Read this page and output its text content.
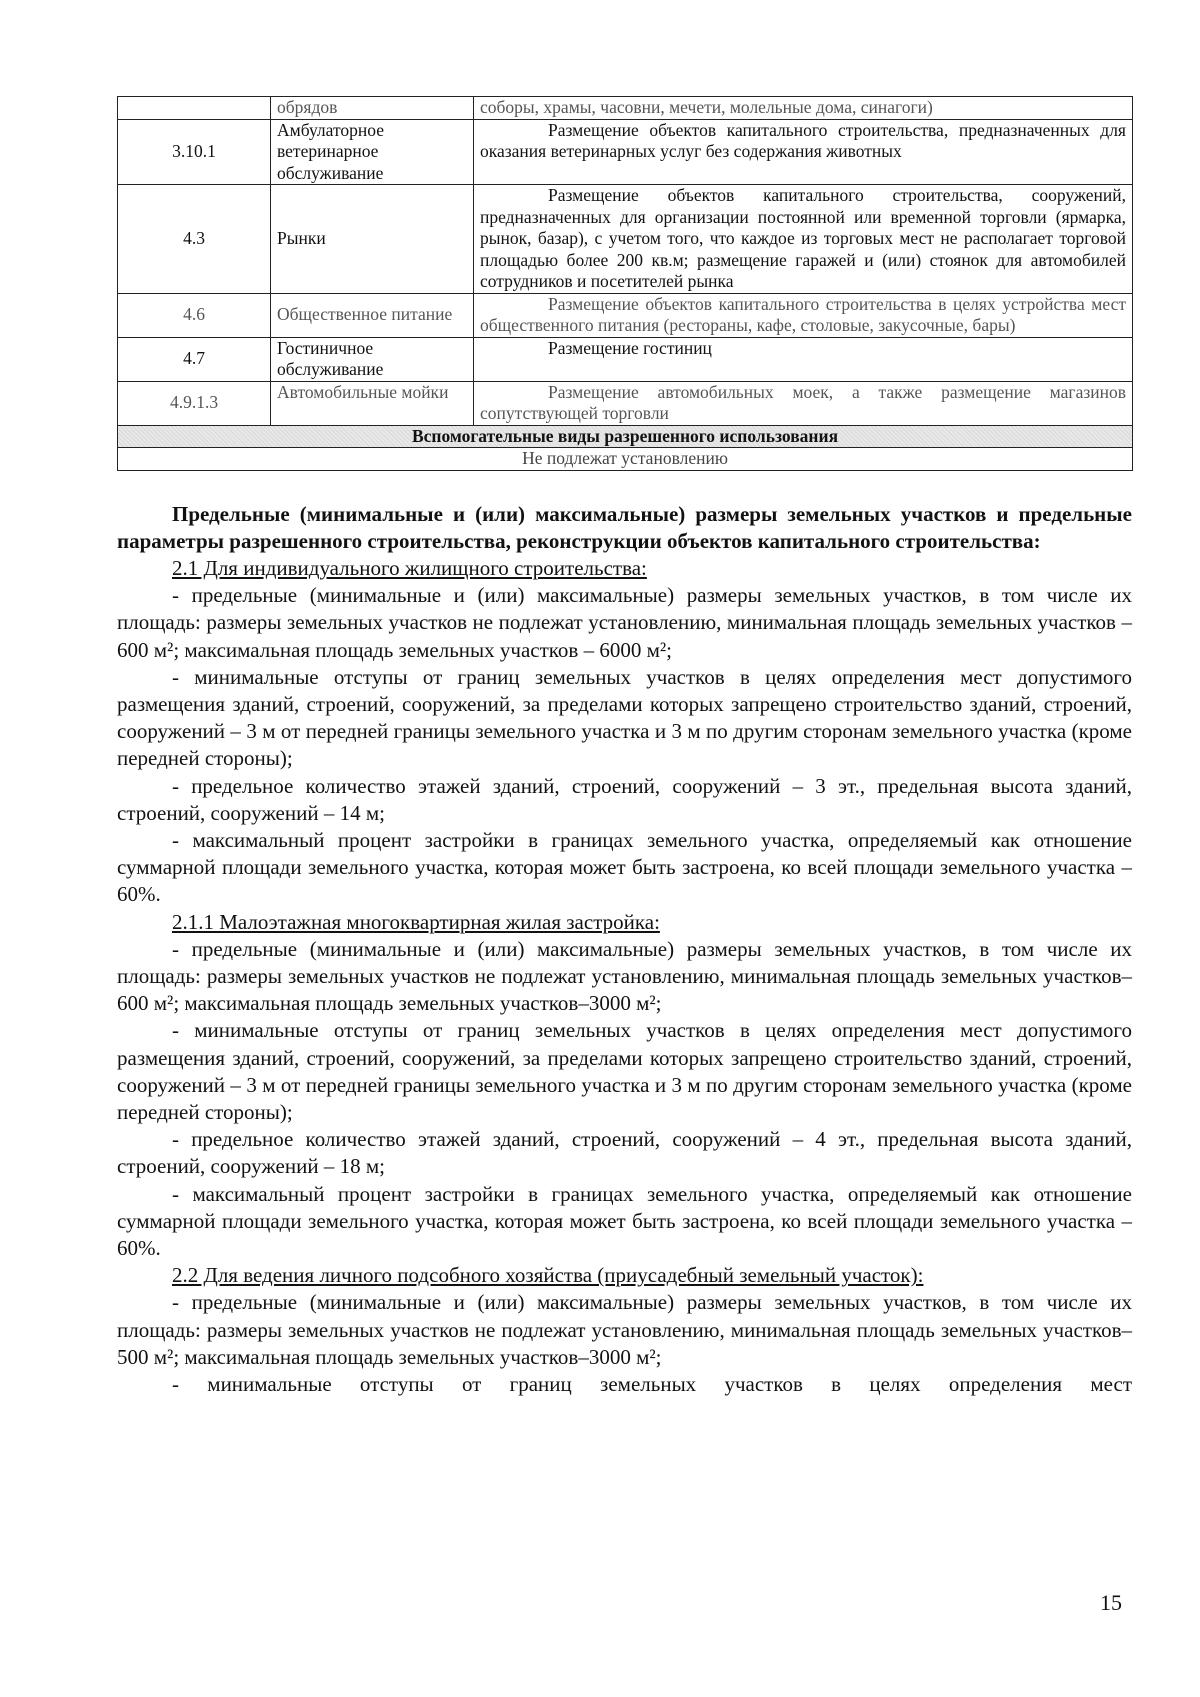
	обрядов	соборы, храмы, часовни, мечети, молельные дома, синагоги)
3.10.1	Амбулаторное ветеринарное обслуживание	Размещение объектов капитального строительства, предназначенных для оказания ветеринарных услуг без содержания животных
4.3	Рынки	Размещение объектов капитального строительства, сооружений, предназначенных для организации постоянной или временной торговли (ярмарка, рынок, базар), с учетом того, что каждое из торговых мест не располагает торговой площадью более 200 кв.м; размещение гаражей и (или) стоянок для автомобилей сотрудников и посетителей рынка
4.6	Общественное питание	Размещение объектов капитального строительства в целях устройства мест общественного питания (рестораны, кафе, столовые, закусочные, бары)
4.7	Гостиничное обслуживание	Размещение гостиниц
4.9.1.3	Автомобильные мойки	Размещение автомобильных моек, а также размещение магазинов сопутствующей торговли
Вспомогательные виды разрешенного использования		
Не подлежат установлению		

Предельные (минимальные и (или) максимальные) размеры земельных участков и предельные параметры разрешенного строительства, реконструкции объектов капитального строительства:

2.1 Для индивидуального жилищного строительства:

- предельные (минимальные и (или) максимальные) размеры земельных участков, в том числе их площадь: размеры земельных участков не подлежат установлению, минимальная площадь земельных участков – 600 м²; максимальная площадь земельных участков – 6000 м²;

- минимальные отступы от границ земельных участков в целях определения мест допустимого размещения зданий, строений, сооружений, за пределами которых запрещено строительство зданий, строений, сооружений – 3 м от передней границы земельного участка и 3 м по другим сторонам земельного участка (кроме передней стороны);

- предельное количество этажей зданий, строений, сооружений – 3 эт., предельная высота зданий, строений, сооружений – 14 м;

- максимальный процент застройки в границах земельного участка, определяемый как отношение суммарной площади земельного участка, которая может быть застроена, ко всей площади земельного участка – 60%.

2.1.1 Малоэтажная многоквартирная жилая застройка:

- предельные (минимальные и (или) максимальные) размеры земельных участков, в том числе их площадь: размеры земельных участков не подлежат установлению, минимальная площадь земельных участков–600 м²; максимальная площадь земельных участков–3000 м²;

- минимальные отступы от границ земельных участков в целях определения мест допустимого размещения зданий, строений, сооружений, за пределами которых запрещено строительство зданий, строений, сооружений – 3 м от передней границы земельного участка и 3 м по другим сторонам земельного участка (кроме передней стороны);

- предельное количество этажей зданий, строений, сооружений – 4 эт., предельная высота зданий, строений, сооружений – 18 м;

- максимальный процент застройки в границах земельного участка, определяемый как отношение суммарной площади земельного участка, которая может быть застроена, ко всей площади земельного участка – 60%.

2.2 Для ведения личного подсобного хозяйства (приусадебный земельный участок):

- предельные (минимальные и (или) максимальные) размеры земельных участков, в том числе их площадь: размеры земельных участков не подлежат установлению, минимальная площадь земельных участков–500 м²; максимальная площадь земельных участков–3000 м²;

- минимальные отступы от границ земельных участков в целях определения мест

15
